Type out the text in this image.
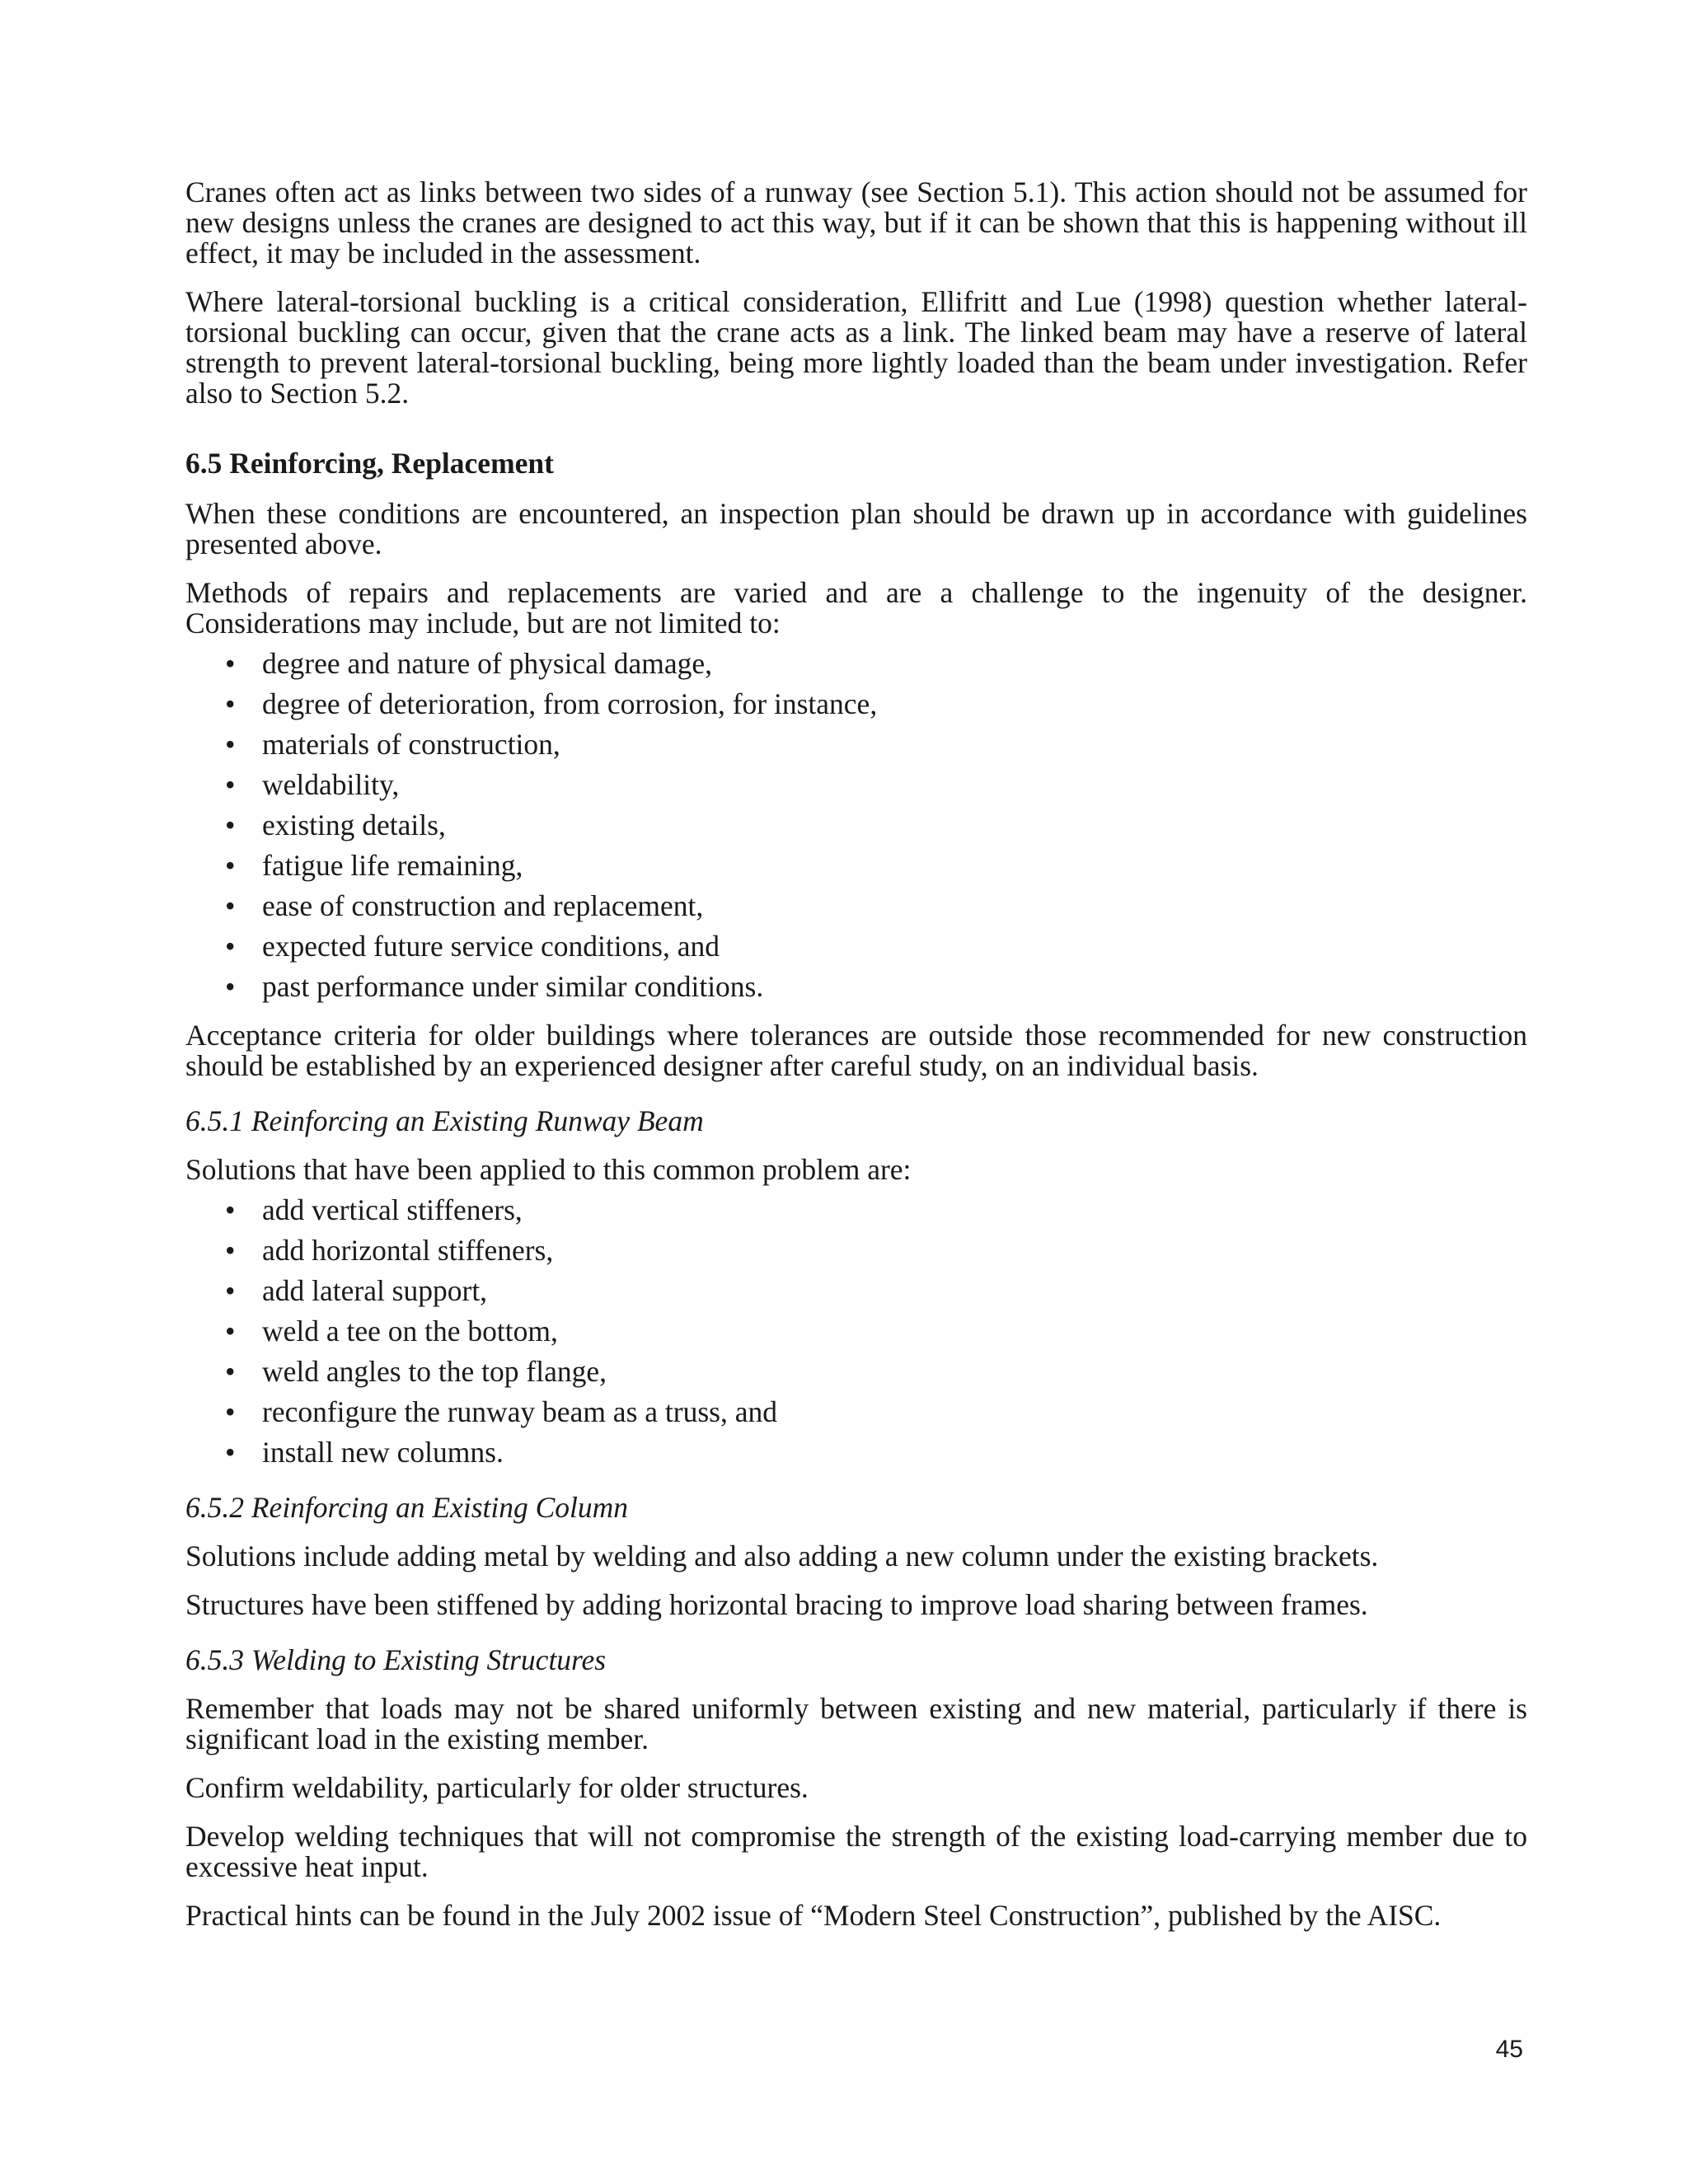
Cranes often act as links between two sides of a runway (see Section 5.1). This action should not be assumed for new designs unless the cranes are designed to act this way, but if it can be shown that this is happening without ill effect, it may be included in the assessment.

Where lateral-torsional buckling is a critical consideration, Ellifritt and Lue (1998) question whether lateral-torsional buckling can occur, given that the crane acts as a link. The linked beam may have a reserve of lateral strength to prevent lateral-torsional buckling, being more lightly loaded than the beam under investigation. Refer also to Section 5.2.

6.5 Reinforcing, Replacement

When these conditions are encountered, an inspection plan should be drawn up in accordance with guidelines presented above.

Methods of repairs and replacements are varied and are a challenge to the ingenuity of the designer. Considerations may include, but are not limited to:

• degree and nature of physical damage,
• degree of deterioration, from corrosion, for instance,
• materials of construction,
• weldability,
• existing details,
• fatigue life remaining,
• ease of construction and replacement,
• expected future service conditions, and
• past performance under similar conditions.

Acceptance criteria for older buildings where tolerances are outside those recommended for new construction should be established by an experienced designer after careful study, on an individual basis.

6.5.1 Reinforcing an Existing Runway Beam

Solutions that have been applied to this common problem are:

• add vertical stiffeners,
• add horizontal stiffeners,
• add lateral support,
• weld a tee on the bottom,
• weld angles to the top flange,
• reconfigure the runway beam as a truss, and
• install new columns.
6.5.2 Reinforcing an Existing Column

Solutions include adding metal by welding and also adding a new column under the existing brackets.

Structures have been stiffened by adding horizontal bracing to improve load sharing between frames.

6.5.3 Welding to Existing Structures

Remember that loads may not be shared uniformly between existing and new material, particularly if there is significant load in the existing member.

Confirm weldability, particularly for older structures.

Develop welding techniques that will not compromise the strength of the existing load-carrying member due to excessive heat input.

Practical hints can be found in the July 2002 issue of “Modern Steel Construction”, published by the AISC.

45
